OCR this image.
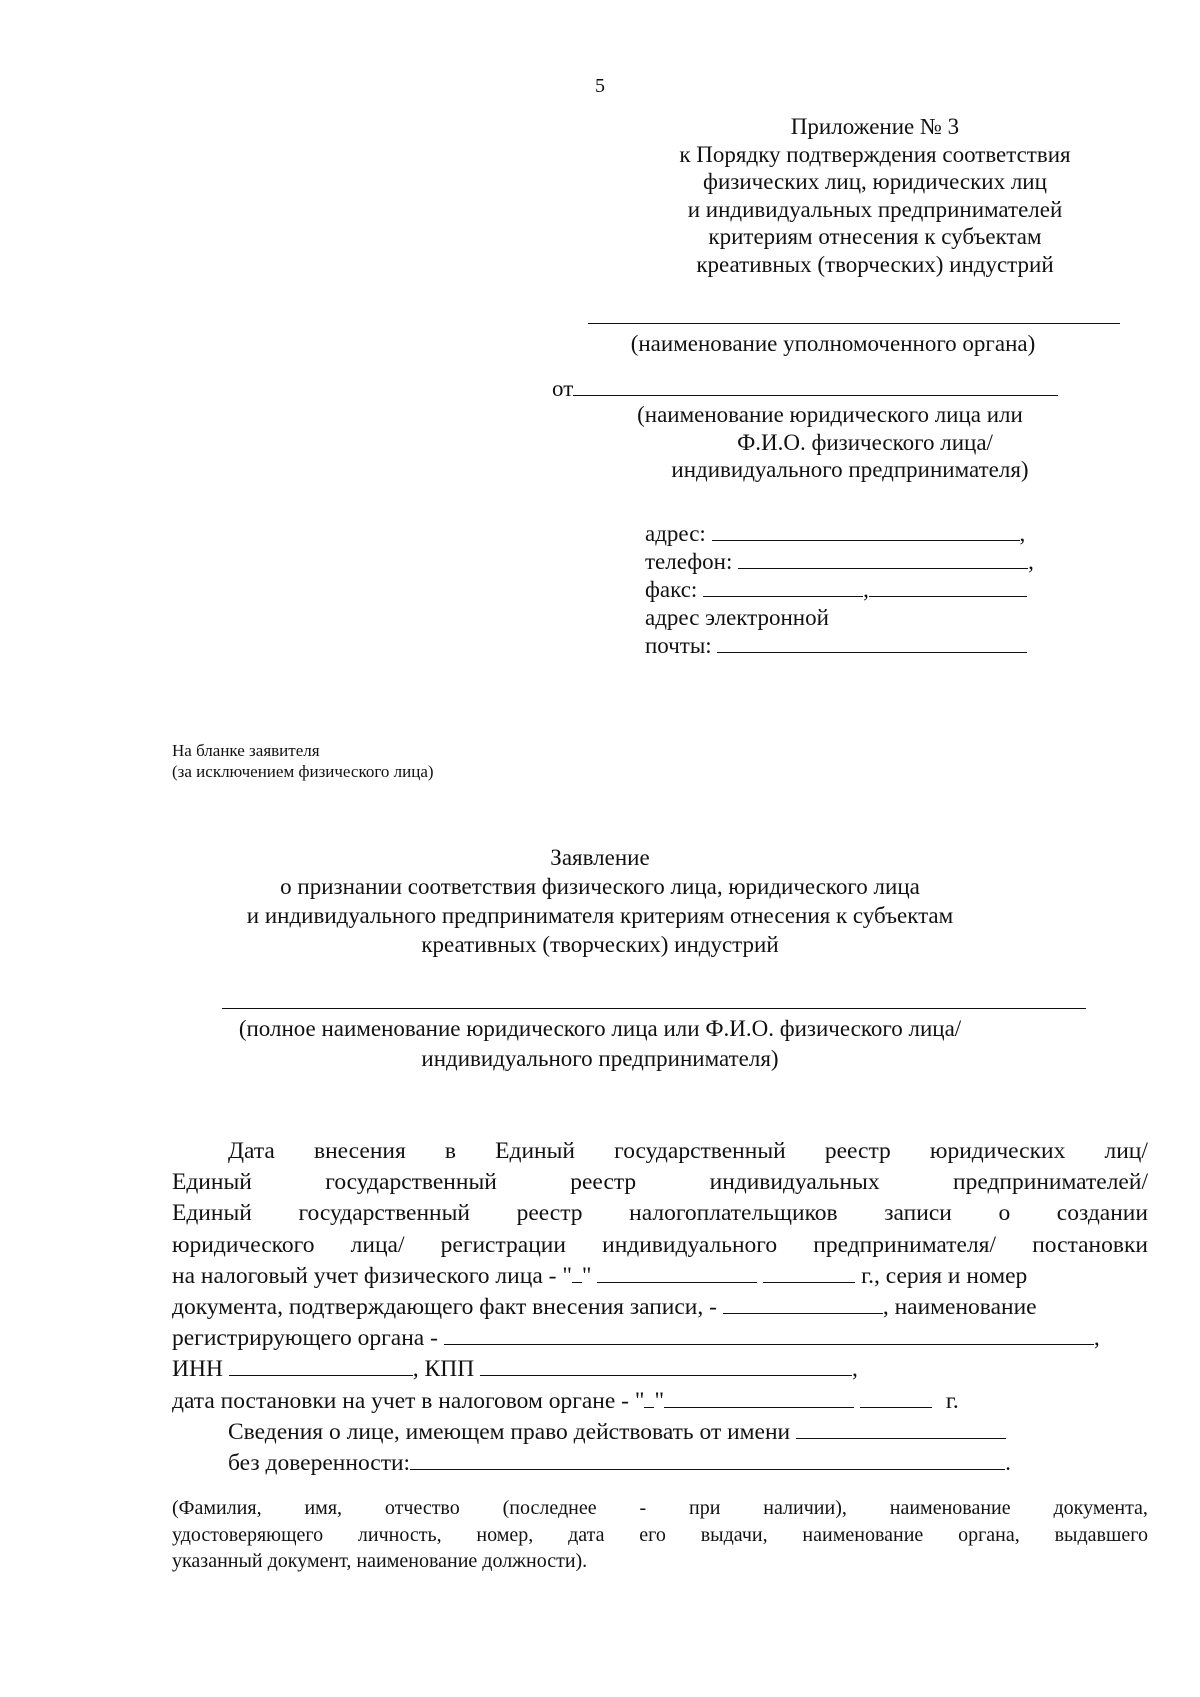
5
Приложение № 3
к Порядку подтверждения соответствия
физических лиц, юридических лиц
и индивидуальных предпринимателей
критериям отнесения к субъектам
креативных (творческих) индустрий
(наименование уполномоченного органа)
от
(наименование юридического лица или
Ф.И.О. физического лица/
индивидуального предпринимателя)
адрес:	,
телефон:	,
факс:	,
адрес электронной
почты:
На бланке заявителя
(за исключением физического лица)
Заявление
о признании соответствия физического лица, юридического лица
и индивидуального предпринимателя критериям отнесения к субъектам
креативных (творческих) индустрий
(полное наименование юридического лица или Ф.И.О. физического лица/
индивидуального предпринимателя)
Дата внесения в Единый государственный реестр юридических лиц/
Единый	государственный	реестр	индивидуальных	предпринимателей/
Единый государственный реестр налогоплательщиков записи о создании
юридического лица/ регистрации индивидуального предпринимателя/ постановки
на налоговый учет физического лица - " "	г., серия и номер
документа, подтверждающего факт внесения записи, -	, наименование
регистрирующего органа -	,
ИНН	, КПП	,
дата постановки на учет в налоговом органе - " "	г.
Сведения о лице, имеющем право действовать от имени
без доверенности:	.
(Фамилия, имя, отчество (последнее - при наличии), наименование документа,
удостоверяющего личность, номер, дата его выдачи, наименование органа, выдавшего
указанный документ, наименование должности).
